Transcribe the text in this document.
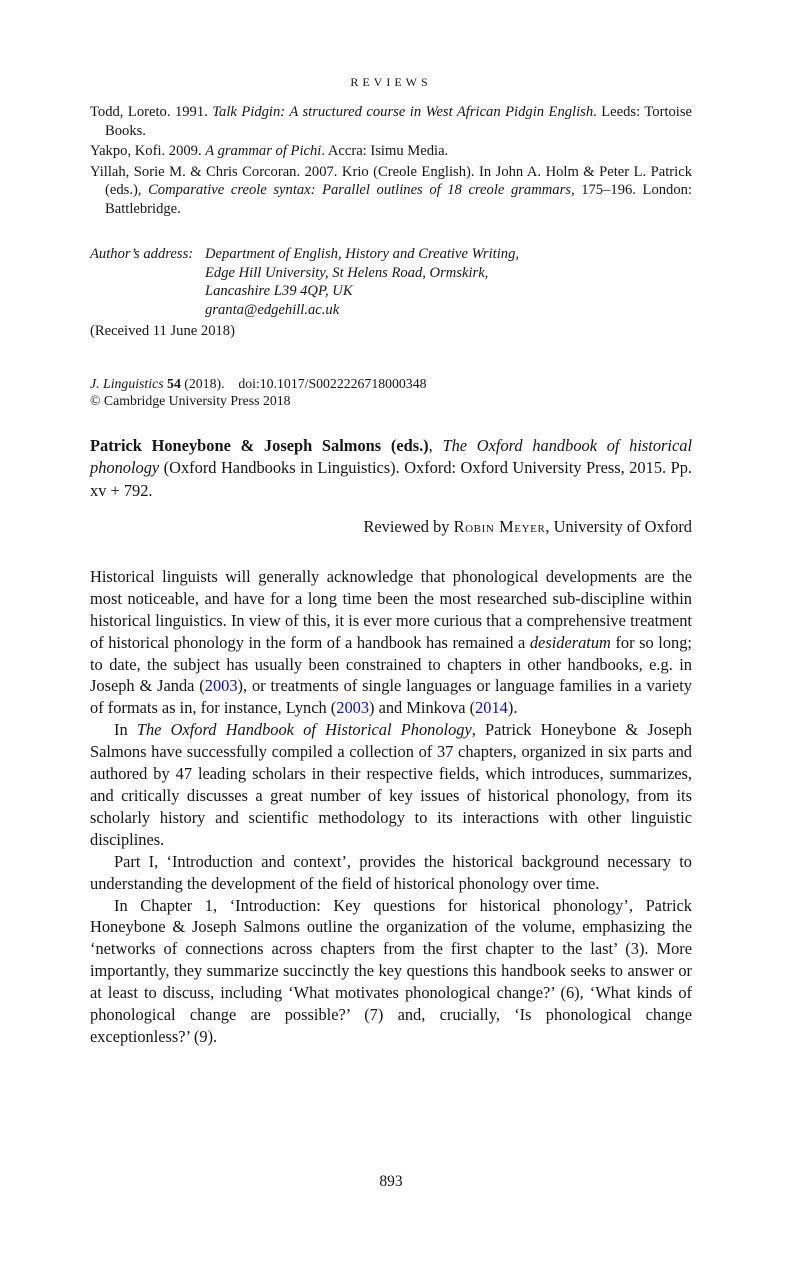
REVIEWS

Todd, Loreto. 1991. Talk Pidgin: A structured course in West African Pidgin English. Leeds: Tortoise Books.

Yakpo, Kofi. 2009. A grammar of Pichi. Accra: Isimu Media.

Yillah, Sorie M. & Chris Corcoran. 2007. Krio (Creole English). In John A. Holm & Peter L. Patrick (eds.), Comparative creole syntax: Parallel outlines of 18 creole grammars, 175–196. London: Battlebridge.

Author’s address: Department of English, History and Creative Writing,
Edge Hill University, St Helens Road, Ormskirk,
Lancashire L39 4QP, UK
granta@edgehill.ac.uk
(Received 11 June 2018)

J. Linguistics 54 (2018).  doi:10.1017/S0022226718000348

© Cambridge University Press 2018

Patrick Honeybone & Joseph Salmons (eds.), The Oxford handbook of historical phonology (Oxford Handbooks in Linguistics). Oxford: Oxford University Press, 2015. Pp. xv + 792.
Reviewed by Robin Meyer, University of Oxford

Historical linguists will generally acknowledge that phonological developments are the most noticeable, and have for a long time been the most researched sub-discipline within historical linguistics. In view of this, it is ever more curious that a comprehensive treatment of historical phonology in the form of a handbook has remained a desideratum for so long; to date, the subject has usually been constrained to chapters in other handbooks, e.g. in Joseph & Janda (2003), or treatments of single languages or language families in a variety of formats as in, for instance, Lynch (2003) and Minkova (2014).

In The Oxford Handbook of Historical Phonology, Patrick Honeybone & Joseph Salmons have successfully compiled a collection of 37 chapters, organized in six parts and authored by 47 leading scholars in their respective fields, which introduces, summarizes, and critically discusses a great number of key issues of historical phonology, from its scholarly history and scientific methodology to its interactions with other linguistic disciplines.

Part I, ‘Introduction and context’, provides the historical background necessary to understanding the development of the field of historical phonology over time.

In Chapter 1, ‘Introduction: Key questions for historical phonology’, Patrick Honeybone & Joseph Salmons outline the organization of the volume, emphasizing the ‘networks of connections across chapters from the first chapter to the last’ (3). More importantly, they summarize succinctly the key questions this handbook seeks to answer or at least to discuss, including ‘What motivates phonological change?’ (6), ‘What kinds of phonological change are possible?’ (7) and, crucially, ‘Is phonological change exceptionless?’ (9).

893
